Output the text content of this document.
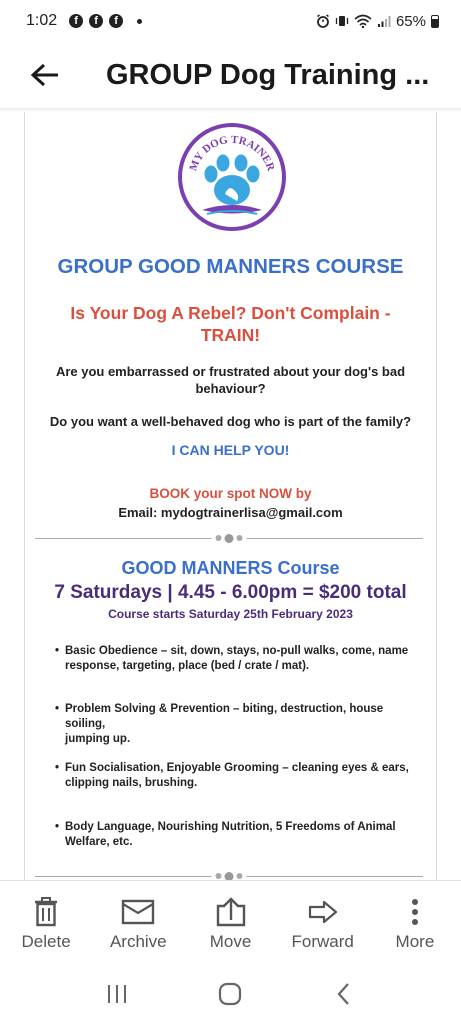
1:02	f	f	f	65%
GROUP Dog Training ...
MY DOG TRAINER
GROUP GOOD MANNERS COURSE
Is Your Dog A Rebel? Don't Complain -
TRAIN!
Are you embarrassed or frustrated about your dog's bad
behaviour?
Do you want a well-behaved dog who is part of the family?
I CAN HELP YOU!
BOOK your spot NOW by
Email: mydogtrainerlisa@gmail.com
GOOD MANNERS Course
7 Saturdays | 4.45 - 6.00pm = $200 total
Course starts Saturday 25th February 2023
• Basic Obedience – sit, down, stays, no-pull walks, come, name
response, targeting, place (bed / crate / mat).
• Problem Solving & Prevention – biting, destruction, house soiling,
jumping up.
• Fun Socialisation, Enjoyable Grooming – cleaning eyes & ears,
clipping nails, brushing.
• Body Language, Nourishing Nutrition, 5 Freedoms of Animal
Welfare, etc.
Delete Archive	Move Forward More
